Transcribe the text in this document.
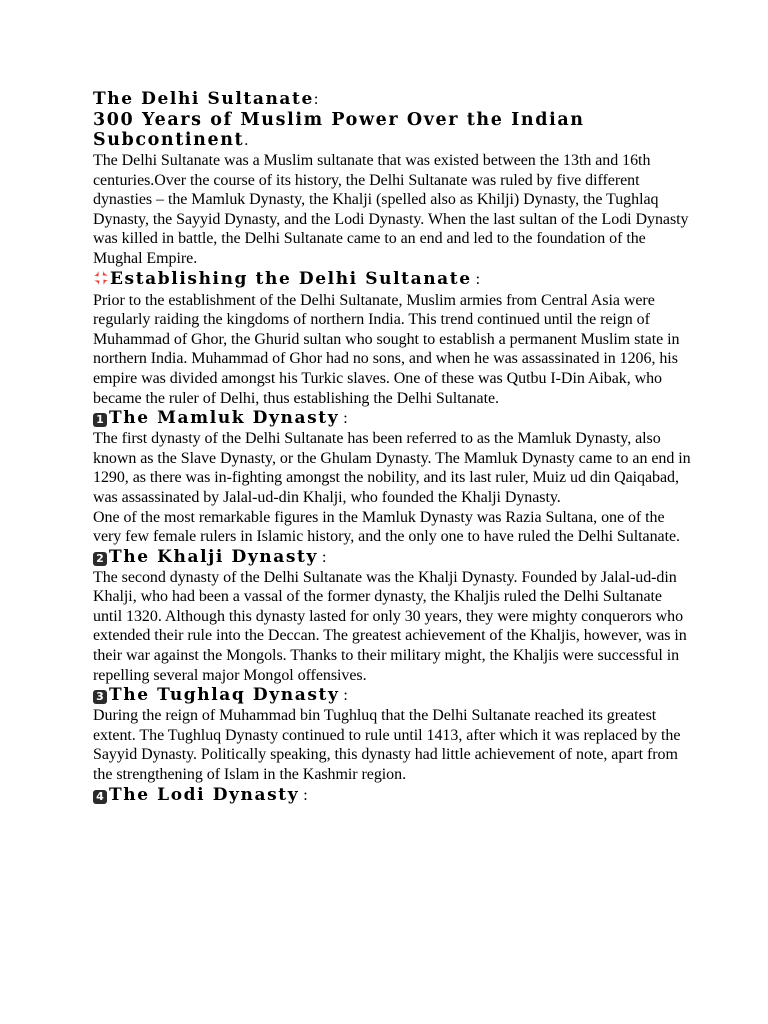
The Delhi Sultanate:
300 Years of Muslim Power Over the Indian
Subcontinent.

The Delhi Sultanate was a Muslim sultanate that was existed between the 13th and 16th centuries.Over the course of its history, the Delhi Sultanate was ruled by five different dynasties – the Mamluk Dynasty, the Khalji (spelled also as Khilji) Dynasty, the Tughlaq Dynasty, the Sayyid Dynasty, and the Lodi Dynasty. When the last sultan of the Lodi Dynasty was killed in battle, the Delhi Sultanate came to an end and led to the foundation of the Mughal Empire.

Establishing the Delhi Sultanate :

Prior to the establishment of the Delhi Sultanate, Muslim armies from Central Asia were regularly raiding the kingdoms of northern India. This trend continued until the reign of Muhammad of Ghor, the Ghurid sultan who sought to establish a permanent Muslim state in northern India. Muhammad of Ghor had no sons, and when he was assassinated in 1206, his empire was divided amongst his Turkic slaves. One of these was Qutbu I-Din Aibak, who became the ruler of Delhi, thus establishing the Delhi Sultanate.

1 The Mamluk Dynasty :

The first dynasty of the Delhi Sultanate has been referred to as the Mamluk Dynasty, also known as the Slave Dynasty, or the Ghulam Dynasty. The Mamluk Dynasty came to an end in 1290, as there was in-fighting amongst the nobility, and its last ruler, Muiz ud din Qaiqabad, was assassinated by Jalal-ud-din Khalji, who founded the Khalji Dynasty.

One of the most remarkable figures in the Mamluk Dynasty was Razia Sultana, one of the very few female rulers in Islamic history, and the only one to have ruled the Delhi Sultanate.

2 The Khalji Dynasty :

The second dynasty of the Delhi Sultanate was the Khalji Dynasty. Founded by Jalal-ud-din Khalji, who had been a vassal of the former dynasty, the Khaljis ruled the Delhi Sultanate until 1320. Although this dynasty lasted for only 30 years, they were mighty conquerors who extended their rule into the Deccan. The greatest achievement of the Khaljis, however, was in their war against the Mongols. Thanks to their military might, the Khaljis were successful in repelling several major Mongol offensives.

3 The Tughlaq Dynasty :

During the reign of Muhammad bin Tughluq that the Delhi Sultanate reached its greatest extent. The Tughluq Dynasty continued to rule until 1413, after which it was replaced by the Sayyid Dynasty. Politically speaking, this dynasty had little achievement of note, apart from the strengthening of Islam in the Kashmir region.

4 The Lodi Dynasty :
